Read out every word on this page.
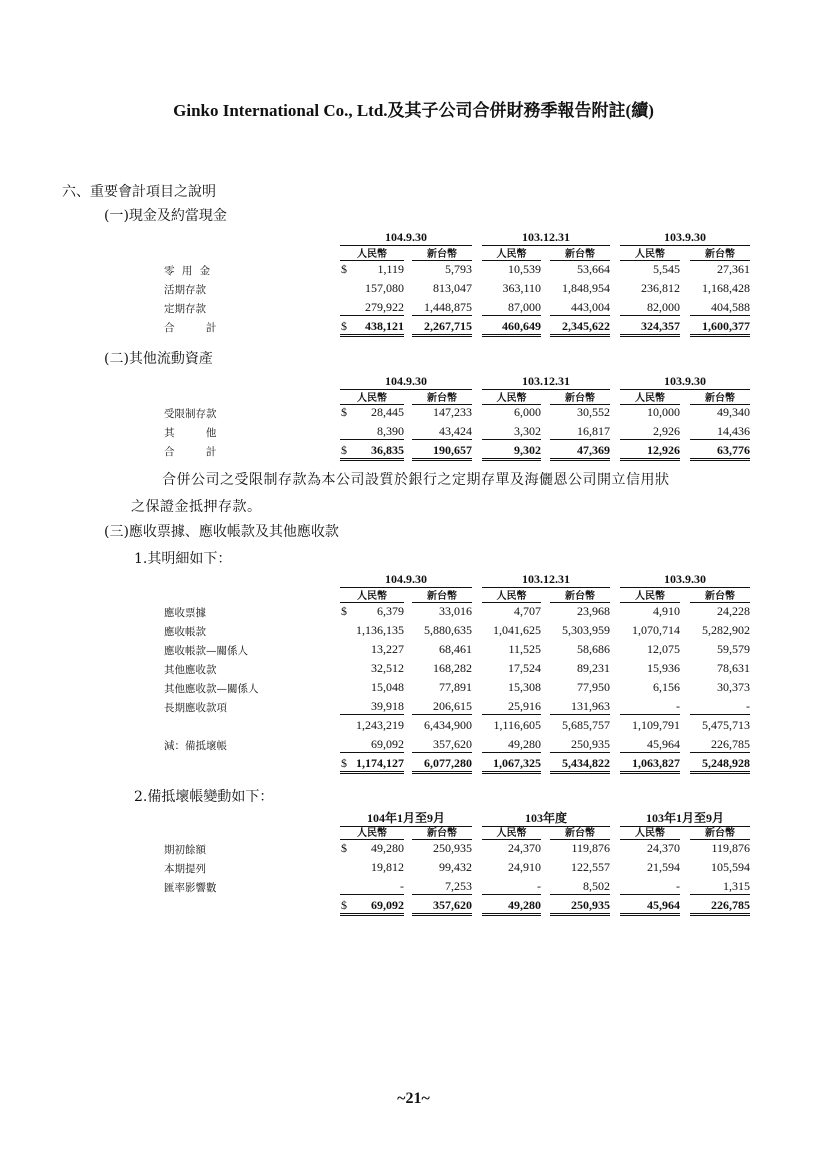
Ginko International Co., Ltd.及其子公司合併財務季報告附註(續)
六、重要會計項目之說明
(一)現金及約當現金
104.9.30	103.12.31	103.9.30
人民幣	新台幣	人民幣	新台幣	人民幣	新台幣
零 用 金	$	1,119	5,793	10,539	53,664	5,545	27,361
活期存款	157,080	813,047	363,110	1,848,954	236,812	1,168,428
定期存款	279,922	1,448,875	87,000	443,004	82,000	404,588
合 計	$	438,121	2,267,715	460,649	2,345,622	324,357	1,600,377
(二)其他流動資產
104.9.30	103.12.31	103.9.30
人民幣	新台幣	人民幣	新台幣	人民幣	新台幣
受限制存款	$	28,445	147,233	6,000	30,552	10,000	49,340
其 他	8,390	43,424	3,302	16,817	2,926	14,436
合 計	$	36,835	190,657	9,302	47,369	12,926	63,776
合併公司之受限制存款為本公司設質於銀行之定期存單及海儷恩公司開立信用狀
之保證金抵押存款。
(三)應收票據、應收帳款及其他應收款
1.其明細如下：
104.9.30	103.12.31	103.9.30
人民幣	新台幣	人民幣	新台幣	人民幣	新台幣
應收票據	$	6,379	33,016	4,707	23,968	4,910	24,228
應收帳款	1,136,135	5,880,635	1,041,625	5,303,959	1,070,714	5,282,902
應收帳款—關係人	13,227	68,461	11,525	58,686	12,075	59,579
其他應收款	32,512	168,282	17,524	89,231	15,936	78,631
其他應收款—關係人	15,048	77,891	15,308	77,950	6,156	30,373
長期應收款項	39,918	206,615	25,916	131,963	-	-
1,243,219	6,434,900	1,116,605	5,685,757	1,109,791	5,475,713
減：備抵壞帳	69,092	357,620	49,280	250,935	45,964	226,785
$ 1,174,127	6,077,280	1,067,325	5,434,822	1,063,827	5,248,928
2.備抵壞帳變動如下：
104年1月至9月	103年度	103年1月至9月
人民幣	新台幣	人民幣	新台幣	人民幣	新台幣
期初餘額	$	49,280	250,935	24,370	119,876	24,370	119,876
本期提列	19,812	99,432	24,910	122,557	21,594	105,594
匯率影響數	-	7,253	-	8,502	-	1,315
$	69,092	357,620	49,280	250,935	45,964	226,785
~21~
